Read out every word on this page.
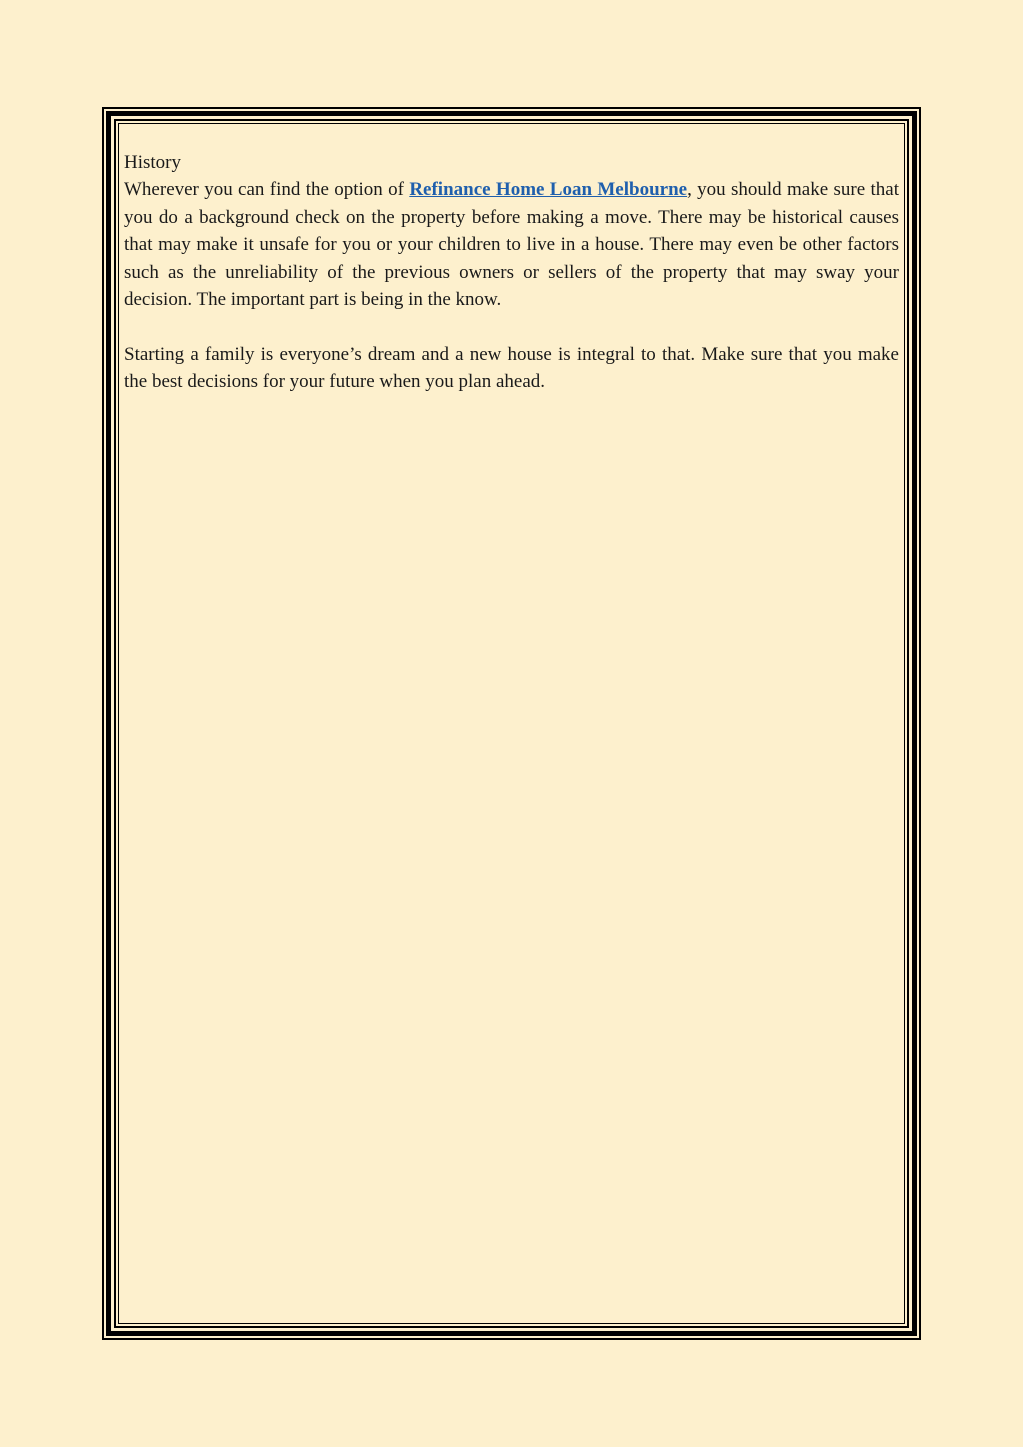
History

Wherever you can find the option of Refinance Home Loan Melbourne, you should make sure that you do a background check on the property before making a move. There may be historical causes that may make it unsafe for you or your children to live in a house. There may even be other factors such as the unreliability of the previous owners or sellers of the property that may sway your decision. The important part is being in the know.

Starting a family is everyone’s dream and a new house is integral to that. Make sure that you make the best decisions for your future when you plan ahead.
